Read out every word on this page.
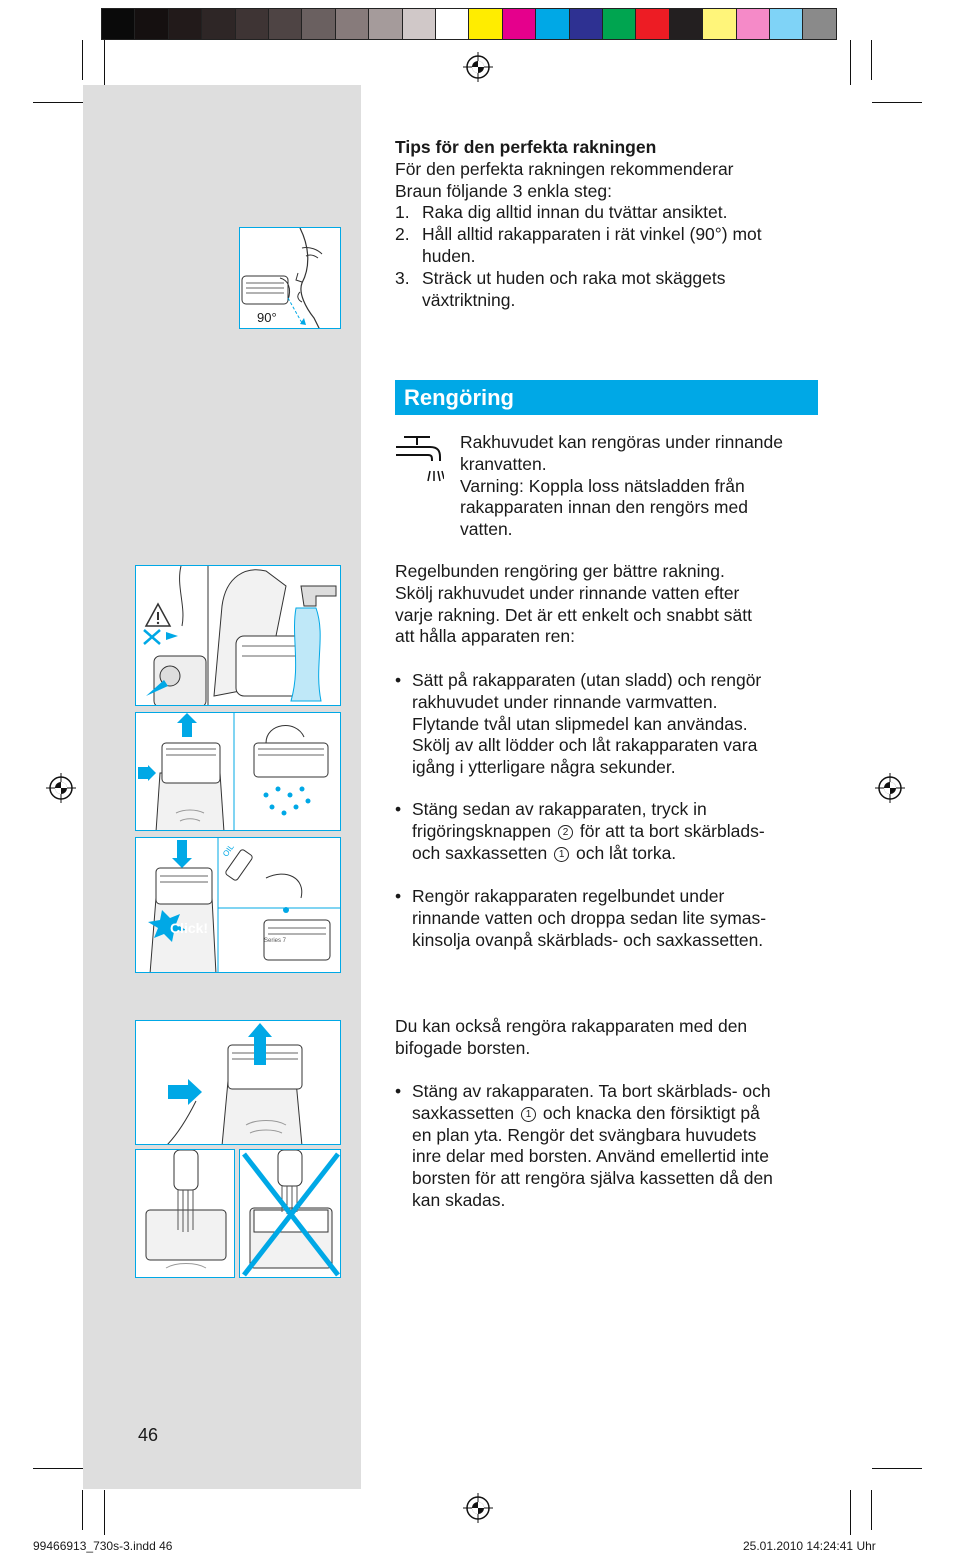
90°
Click!
OIL
Series 7
Tips för den perfekta rakningen
För den perfekta rakningen rekommenderar
Braun följande 3 enkla steg:
1. Raka dig alltid innan du tvättar ansiktet.
2. Håll alltid rakapparaten i rät vinkel (90°) mot
huden.
3. Sträck ut huden och raka mot skäggets
växtriktning.
Rengöring
Rakhuvudet kan rengöras under rinnande
kranvatten.
Varning: Koppla loss nätsladden från
rakapparaten innan den rengörs med
vatten.
Regelbunden rengöring ger bättre rakning.
Skölj rakhuvudet under rinnande vatten efter
varje rakning. Det är ett enkelt och snabbt sätt
att hålla apparaten ren:
• Sätt på rakapparaten (utan sladd) och rengör
rakhuvudet under rinnande varmvatten.
Flytande tvål utan slipmedel kan användas.
Skölj av allt lödder och låt rakapparaten vara
igång i ytterligare några sekunder.
• Stäng sedan av rakapparaten, tryck in
frigöringsknappen 2 för att ta bort skärblads-
och saxkassetten 1 och låt torka.
• Rengör rakapparaten regelbundet under
rinnande vatten och droppa sedan lite symas-
kinsolja ovanpå skärblads- och saxkassetten.
Du kan också rengöra rakapparaten med den
bifogade borsten.
• Stäng av rakapparaten. Ta bort skärblads- och
saxkassetten 1 och knacka den försiktigt på
en plan yta. Rengör det svängbara huvudets
inre delar med borsten. Använd emellertid inte
borsten för att rengöra själva kassetten då den
kan skadas.
46
99466913_730s-3.indd 46	25.01.2010 14:24:41 Uhr
